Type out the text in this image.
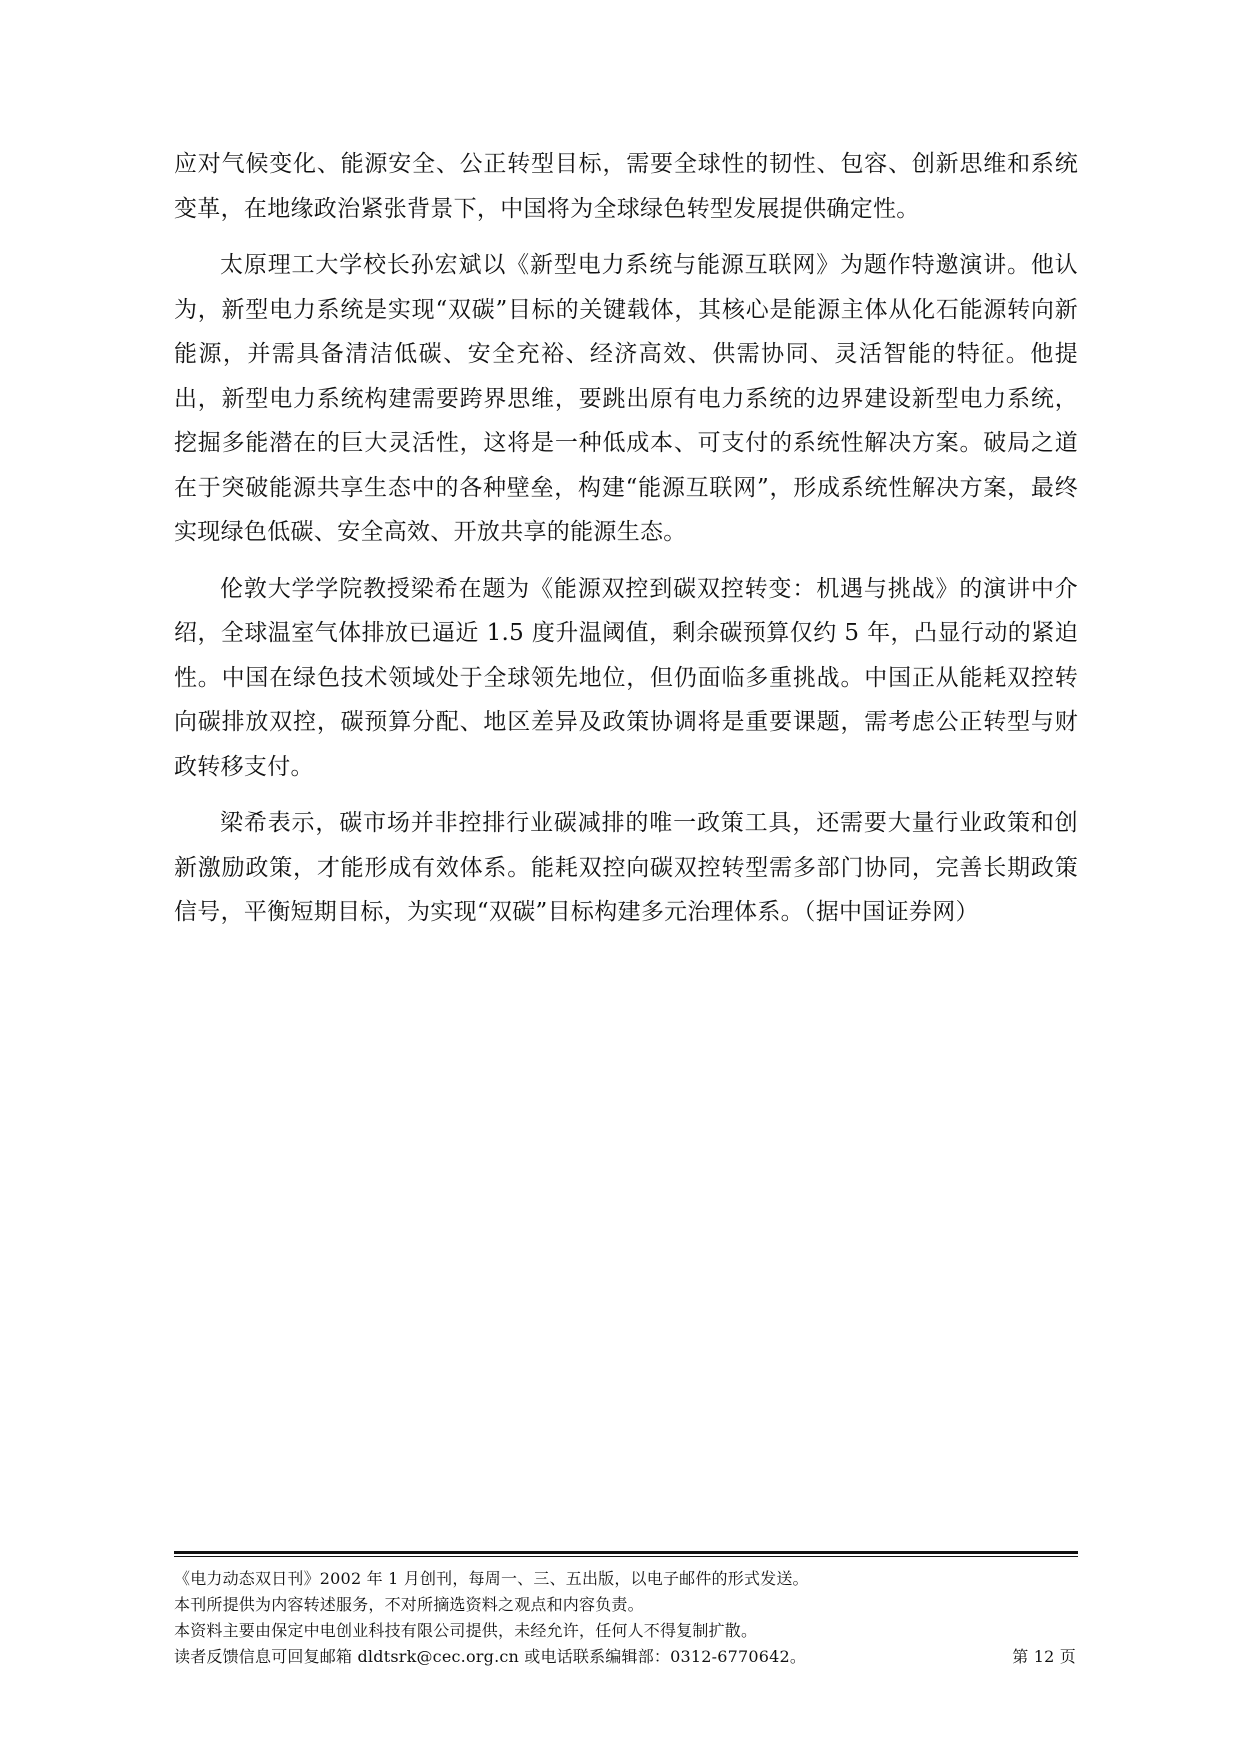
应对气候变化、能源安全、公正转型目标，需要全球性的韧性、包容、创新思维和系统变革，在地缘政治紧张背景下，中国将为全球绿色转型发展提供确定性。

太原理工大学校长孙宏斌以《新型电力系统与能源互联网》为题作特邀演讲。他认为，新型电力系统是实现“双碳”目标的关键载体，其核心是能源主体从化石能源转向新能源，并需具备清洁低碳、安全充裕、经济高效、供需协同、灵活智能的特征。他提出，新型电力系统构建需要跨界思维，要跳出原有电力系统的边界建设新型电力系统，挖掘多能潜在的巨大灵活性，这将是一种低成本、可支付的系统性解决方案。破局之道在于突破能源共享生态中的各种壁垒，构建“能源互联网”，形成系统性解决方案，最终实现绿色低碳、安全高效、开放共享的能源生态。

伦敦大学学院教授梁希在题为《能源双控到碳双控转变：机遇与挑战》的演讲中介绍，全球温室气体排放已逼近 1.5 度升温阈值，剩余碳预算仅约 5 年，凸显行动的紧迫性。中国在绿色技术领域处于全球领先地位，但仍面临多重挑战。中国正从能耗双控转向碳排放双控，碳预算分配、地区差异及政策协调将是重要课题，需考虑公正转型与财政转移支付。

梁希表示，碳市场并非控排行业碳减排的唯一政策工具，还需要大量行业政策和创新激励政策，才能形成有效体系。能耗双控向碳双控转型需多部门协同，完善长期政策信号，平衡短期目标，为实现“双碳”目标构建多元治理体系。（据中国证券网）

《电力动态双日刊》2002 年 1 月创刊，每周一、三、五出版，以电子邮件的形式发送。
本刊所提供为内容转述服务，不对所摘选资料之观点和内容负责。
本资料主要由保定中电创业科技有限公司提供，未经允许，任何人不得复制扩散。
读者反馈信息可回复邮箱 dldtsrk@cec.org.cn 或电话联系编辑部：0312-6770642。	第 12 页
